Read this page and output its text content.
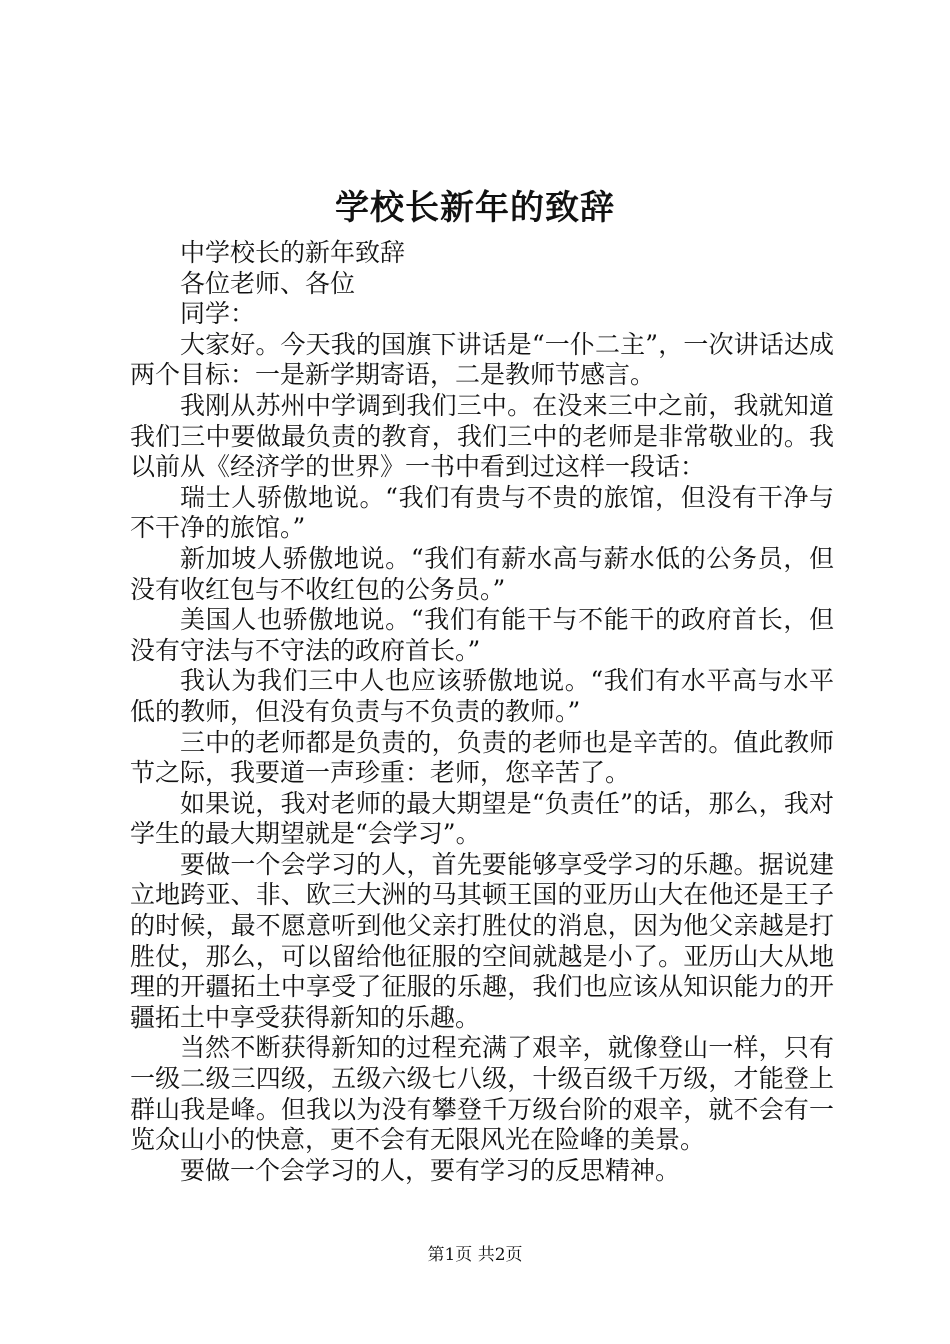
学校长新年的致辞

中学校长的新年致辞

各位老师、各位

同学：

大家好。今天我的国旗下讲话是“一仆二主”，一次讲话达成两个目标：一是新学期寄语，二是教师节感言。

我刚从苏州中学调到我们三中。在没来三中之前，我就知道我们三中要做最负责的教育，我们三中的老师是非常敬业的。我以前从《经济学的世界》一书中看到过这样一段话：

瑞士人骄傲地说。“我们有贵与不贵的旅馆，但没有干净与不干净的旅馆。”

新加坡人骄傲地说。“我们有薪水高与薪水低的公务员，但没有收红包与不收红包的公务员。”

美国人也骄傲地说。“我们有能干与不能干的政府首长，但没有守法与不守法的政府首长。”

我认为我们三中人也应该骄傲地说。“我们有水平高与水平低的教师，但没有负责与不负责的教师。”

三中的老师都是负责的，负责的老师也是辛苦的。值此教师节之际，我要道一声珍重：老师，您辛苦了。

如果说，我对老师的最大期望是“负责任”的话，那么，我对学生的最大期望就是“会学习”。

要做一个会学习的人，首先要能够享受学习的乐趣。据说建立地跨亚、非、欧三大洲的马其顿王国的亚历山大在他还是王子的时候，最不愿意听到他父亲打胜仗的消息，因为他父亲越是打胜仗，那么，可以留给他征服的空间就越是小了。亚历山大从地理的开疆拓土中享受了征服的乐趣，我们也应该从知识能力的开疆拓土中享受获得新知的乐趣。

当然不断获得新知的过程充满了艰辛，就像登山一样，只有一级二级三四级，五级六级七八级，十级百级千万级，才能登上群山我是峰。但我以为没有攀登千万级台阶的艰辛，就不会有一览众山小的快意，更不会有无限风光在险峰的美景。

要做一个会学习的人，要有学习的反思精神。

第1页 共2页
